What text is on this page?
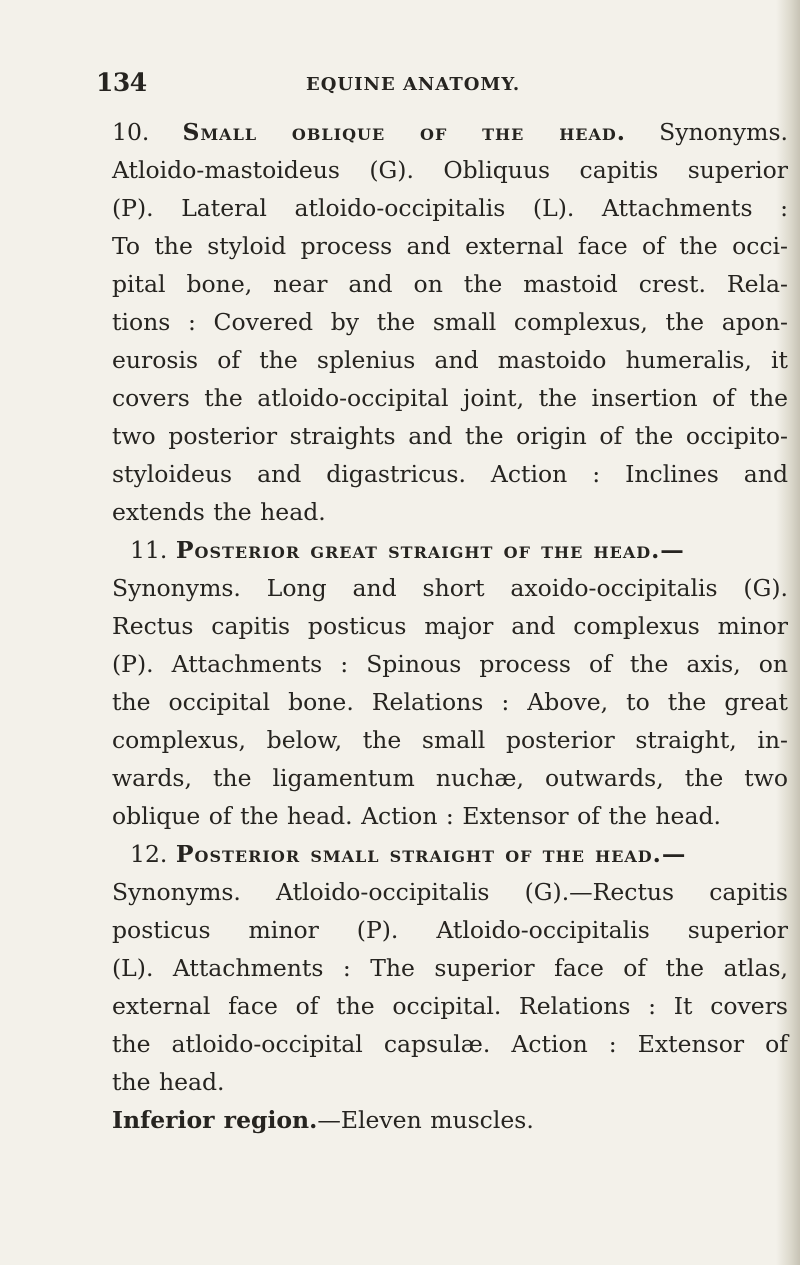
134	EQUINE ANATOMY.
10. Small oblique of the head. Synonyms.
Atloido-mastoideus (G). Obliquus capitis superior
(P). Lateral atloido-occipitalis (L). Attachments :
To the styloid process and external face of the occi-
pital bone, near and on the mastoid crest. Rela-
tions : Covered by the small complexus, the apon-
eurosis of the splenius and mastoido humeralis, it
covers the atloido-occipital joint, the insertion of the
two posterior straights and the origin of the occipito-
styloideus and digastricus. Action : Inclines and
extends the head.
11. Posterior great straight of the head.—
Synonyms. Long and short axoido-occipitalis (G).
Rectus capitis posticus major and complexus minor
(P). Attachments : Spinous process of the axis, on
the occipital bone. Relations : Above, to the great
complexus, below, the small posterior straight, in-
wards, the ligamentum nuchæ, outwards, the two
oblique of the head. Action : Extensor of the head.
12. Posterior small straight of the head.—
Synonyms. Atloido-occipitalis (G).—Rectus capitis
posticus minor (P). Atloido-occipitalis superior
(L). Attachments : The superior face of the atlas,
external face of the occipital. Relations : It covers
the atloido-occipital capsulæ. Action : Extensor of
the head.
Inferior region.—Eleven muscles.
